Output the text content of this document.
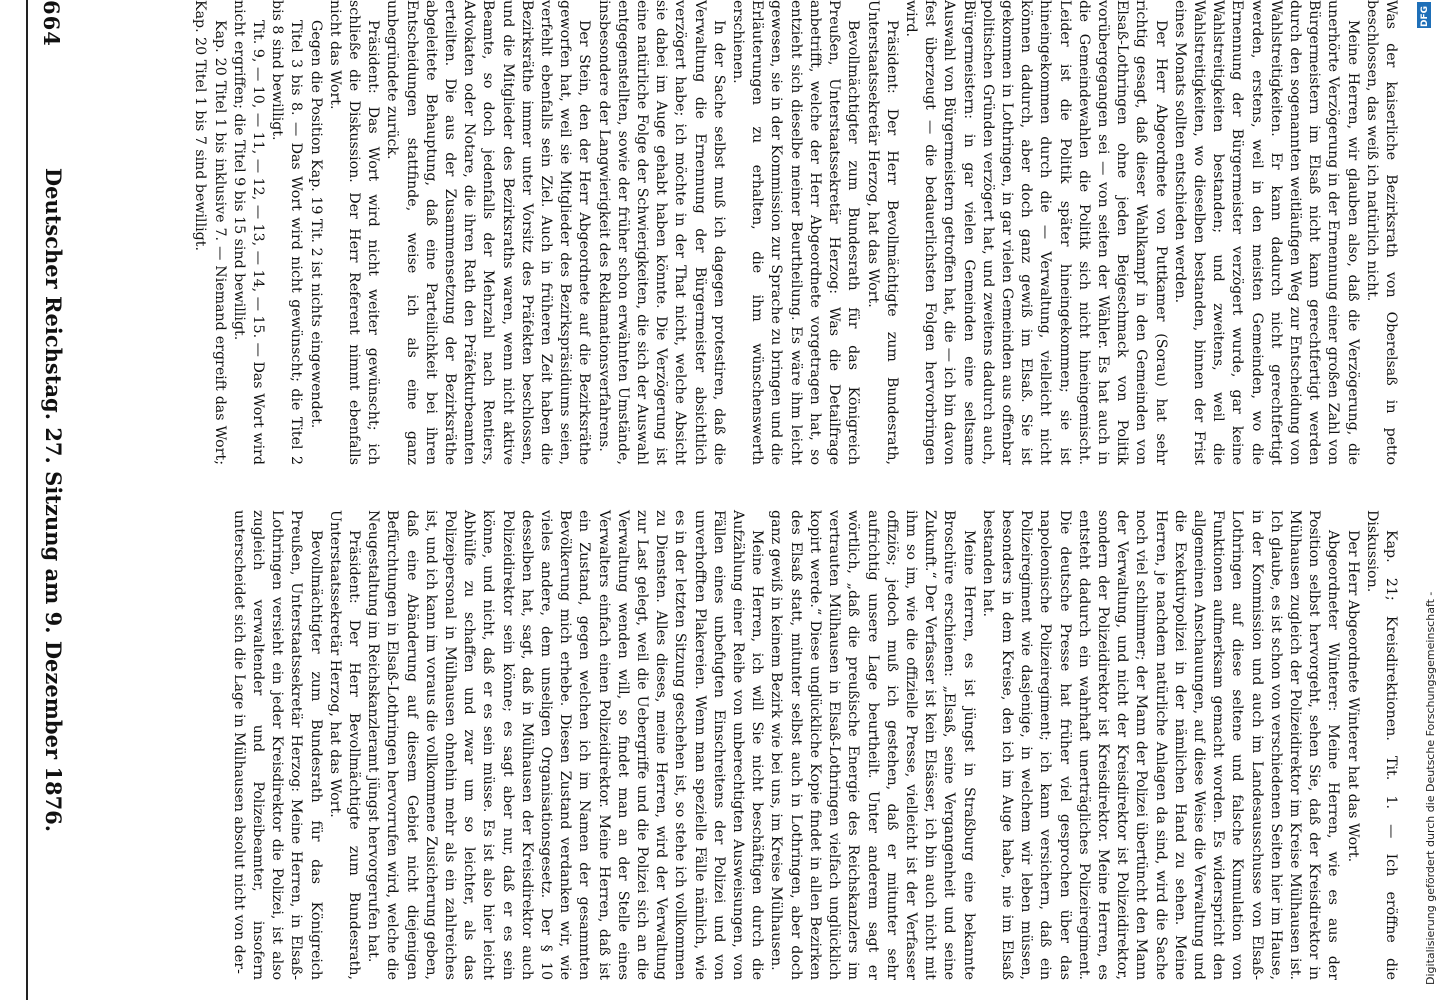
Was der kaiserliche Bezirksrath von Oberelsaß in petto beschlossen, das weiß ich natürlich nicht.

Meine Herren, wir glauben also, daß die Verzögerung, die unerhörte Verzögerung in der Ernennung einer großen Zahl von Bürgermeistern im Elsaß nicht kann gerechtfertigt werden durch den sogenannten weitläufigen Weg zur Entscheidung von Wahlstreitigkeiten. Er kann dadurch nicht gerechtfertigt werden, erstens, weil in den meisten Gemeinden, wo die Ernennung der Bürgermeister verzögert wurde, gar keine Wahlstreitigkeiten bestanden; und zweitens, weil die Wahlstreitigkeiten, wo dieselben bestanden, binnen der Frist eines Monats sollten entschieden werden.

Der Herr Abgeordnete von Puttkamer (Sorau) hat sehr richtig gesagt, daß dieser Wahlkampf in den Gemeinden von Elsaß-Lothringen ohne jeden Beigeschmack von Politik vorübergegangen sei — von seiten der Wähler. Es hat auch in die Gemeindewahlen die Politik sich nicht hineingemischt. Leider ist die Politik später hineingekommen; sie ist hineingekommen durch die — Verwaltung, vielleicht nicht können dadurch, aber doch ganz gewiß im Elsaß. Sie ist gekommen in Lothringen, in gar vielen Gemeinden aus offenbar politischen Gründen verzögert hat, und zweitens dadurch auch, Bürgermeistern: in gar vielen Gemeinden eine seltsame Auswahl von Bürgermeistern getroffen hat, die — ich bin davon fest überzeugt — die bedauerlichsten Folgen hervorbringen wird.

Präsident: Der Herr Bevollmächtigte zum Bundesrath, Unterstaatssekretär Herzog, hat das Wort.

Bevollmächtigter zum Bundesrath für das Königreich Preußen, Unterstaatssekretär Herzog: Was die Detailfrage anbetrifft, welche der Herr Abgeordnete vorgetragen hat, so entzieht sich dieselbe meiner Beurtheilung. Es wäre ihm leicht gewesen, sie in der Kommission zur Sprache zu bringen und die Erläuterungen zu erhalten, die ihm wünschenswerth erschienen.

In der Sache selbst muß ich dagegen protestiren, daß die Verwaltung die Ernennung der Bürgermeister absichtlich verzögert habe; ich möchte in der That nicht, welche Absicht sie dabei im Auge gehabt haben könnte. Die Verzögerung ist eine natürliche Folge der Schwierigkeiten, die sich der Auswahl entgegenstellten, sowie der früher schon erwähnten Umstände, insbesondere der Langwierigkeit des Reklamationsverfahrens.

Der Stein, den der Herr Abgeordnete auf die Bezirksräthe geworfen hat, weil sie Mitglieder des Bezirkspräsidiums seien, verfehlt ebenfalls sein Ziel. Auch in früheren Zeit haben die Bezirksräthe immer unter Vorsitz des Präfekten beschlossen, und die Mitglieder des Bezirksraths waren, wenn nicht aktive Beamte, so doch jedenfalls der Mehrzahl nach Rentiers, Advokaten oder Notare, die ihren Rath den Präfekturbeamten erteilten. Die aus der Zusammensetzung der Bezirksräthe abgeleitete Behauptung, daß eine Parteilichkeit bei ihren Entscheidungen stattfinde, weise ich als eine ganz unbegründete zurück.

Präsident: Das Wort wird nicht weiter gewünscht; ich schließe die Diskussion. Der Herr Referent nimmt ebenfalls nicht das Wort.

Gegen die Position Kap. 19 Tit. 2 ist nichts eingewendet.

Titel 3 bis 8. — Das Wort wird nicht gewünscht; die Titel 2 bis 8 sind bewilligt.

Tit. 9, — 10, — 11, — 12, — 13, — 14, — 15. — Das Wort wird nicht ergriffen; die Titel 9 bis 15 sind bewilligt.

Kap. 20 Titel 1 bis inklusive 7. — Niemand ergreift das Wort; Kap. 20 Titel 1 bis 7 sind bewilligt.

Kap. 21; Kreisdirektionen. Tit. 1. — Ich eröffne die Diskussion.

Der Herr Abgeordnete Winterer hat das Wort.

Abgeordneter Winterer: Meine Herren, wie es aus der Position selbst hervorgeht, sehen Sie, daß der Kreisdirektor in Mülhausen zugleich der Polizeidirektor im Kreise Mülhausen ist. Ich glaube, es ist schon von verschiedenen Seiten hier im Hause, in der Kommission und auch im Landesausschusse von Elsaß-Lothringen auf diese seltene und falsche Kumulation von Funktionen aufmerksam gemacht worden. Es widerspricht den allgemeinen Anschauungen, auf diese Weise die Verwaltung und die Exekutivpolizei in der nämlichen Hand zu sehen. Meine Herren, je nachdem natürliche Anlagen da sind, wird die Sache noch viel schlimmer; der Mann der Polizei übertüncht den Mann der Verwaltung, und nicht der Kreisdirektor ist Polizeidirektor, sondern der Polizeidirektor ist Kreisdirektor. Meine Herren, es entsteht dadurch ein wahrhaft unerträgliches Polizeiregiment. Die deutsche Presse hat früher viel gesprochen über das napoleonische Polizeiregiment; ich kann versichern, daß ein Polizeiregiment wie dasjenige, in welchem wir leben müssen, besonders in dem Kreise, den ich im Auge habe, nie im Elsaß bestanden hat.

Meine Herren, es ist jüngst in Straßburg eine bekannte Broschüre erschienen: „Elsaß, seine Vergangenheit und seine Zukunft.“ Der Verfasser ist kein Elsässer, ich bin auch nicht mit ihm so im, wie die offizielle Presse, vielleicht ist der Verfasser offiziös; jedoch muß ich gestehen, daß er mitunter sehr aufrichtig unsere Lage beurtheilt. Unter anderem sagt er wörtlich, „daß die preußische Energie des Reichskanzlers im vertrauten Mülhausen in Elsaß-Lothringen vielfach unglücklich kopirt werde.“ Diese unglückliche Kopie findet in allen Bezirken des Elsaß statt, mitunter selbst auch in Lothringen, aber doch ganz gewiß in keinem Bezirk wie bei uns, im Kreise Mülhausen.

Meine Herren, ich will Sie nicht beschäftigen durch die Aufzählung einer Reihe von unberechtigten Ausweisungen, von Fällen eines unbefugten Einschreitens der Polizei und von unverhofften Plakereien. Wenn man spezielle Fälle nämlich, wie es in der letzten Sitzung geschehen ist, so stehe ich vollkommen zu Diensten. Alles dieses, meine Herren, wird der Verwaltung zur Last gelegt, weil die Uebergriffe und die Polizei sich an die Verwaltung wenden will, so findet man an der Stelle eines Verwalters einfach einen Polizeidirektor. Meine Herren, daß ist ein Zustand, gegen welchen ich im Namen der gesammten Bevölkerung mich erhebe. Diesen Zustand verdanken wir, wie vieles andere, dem unseligen Organisationsgesetz. Der § 10 desselben hat, sagt, daß in Mülhausen der Kreisdirektor auch Polizeidirektor sein könne; es sagt aber nur, daß er es sein könne, und nicht, daß er es sein müsse. Es ist also hier leicht Abhülfe zu schaffen und zwar um so leichter, als das Polizeipersonal in Mülhausen ohnehin mehr als ein zahlreiches ist, und ich kann im voraus die vollkommene Zusicherung geben, daß eine Abänderung auf diesem Gebiet nicht diejenigen Befürchtungen in Elsaß-Lothringen hervorrufen wird, welche die Neugestaltung im Reichskanzleramt jüngst hervorgerufen hat.

Präsident: Der Herr Bevollmächtigte zum Bundesrath, Unterstaatssekretär Herzog, hat das Wort.

Bevollmächtigter zum Bundesrath für das Königreich Preußen, Unterstaatssekretär Herzog: Meine Herren, in Elsaß-Lothringen versieht ein jeder Kreisdirektor die Polizei, ist also zugleich verwaltender und Polizeibeamter, insofern unterscheidet sich die Lage in Mülhausen absolut nicht von der-

664
Deutscher Reichstag. 27. Sitzung am 9. Dezember 1876.
DFG
Digitalisierung gefördert durch die Deutsche Forschungsgemeinschaft -
